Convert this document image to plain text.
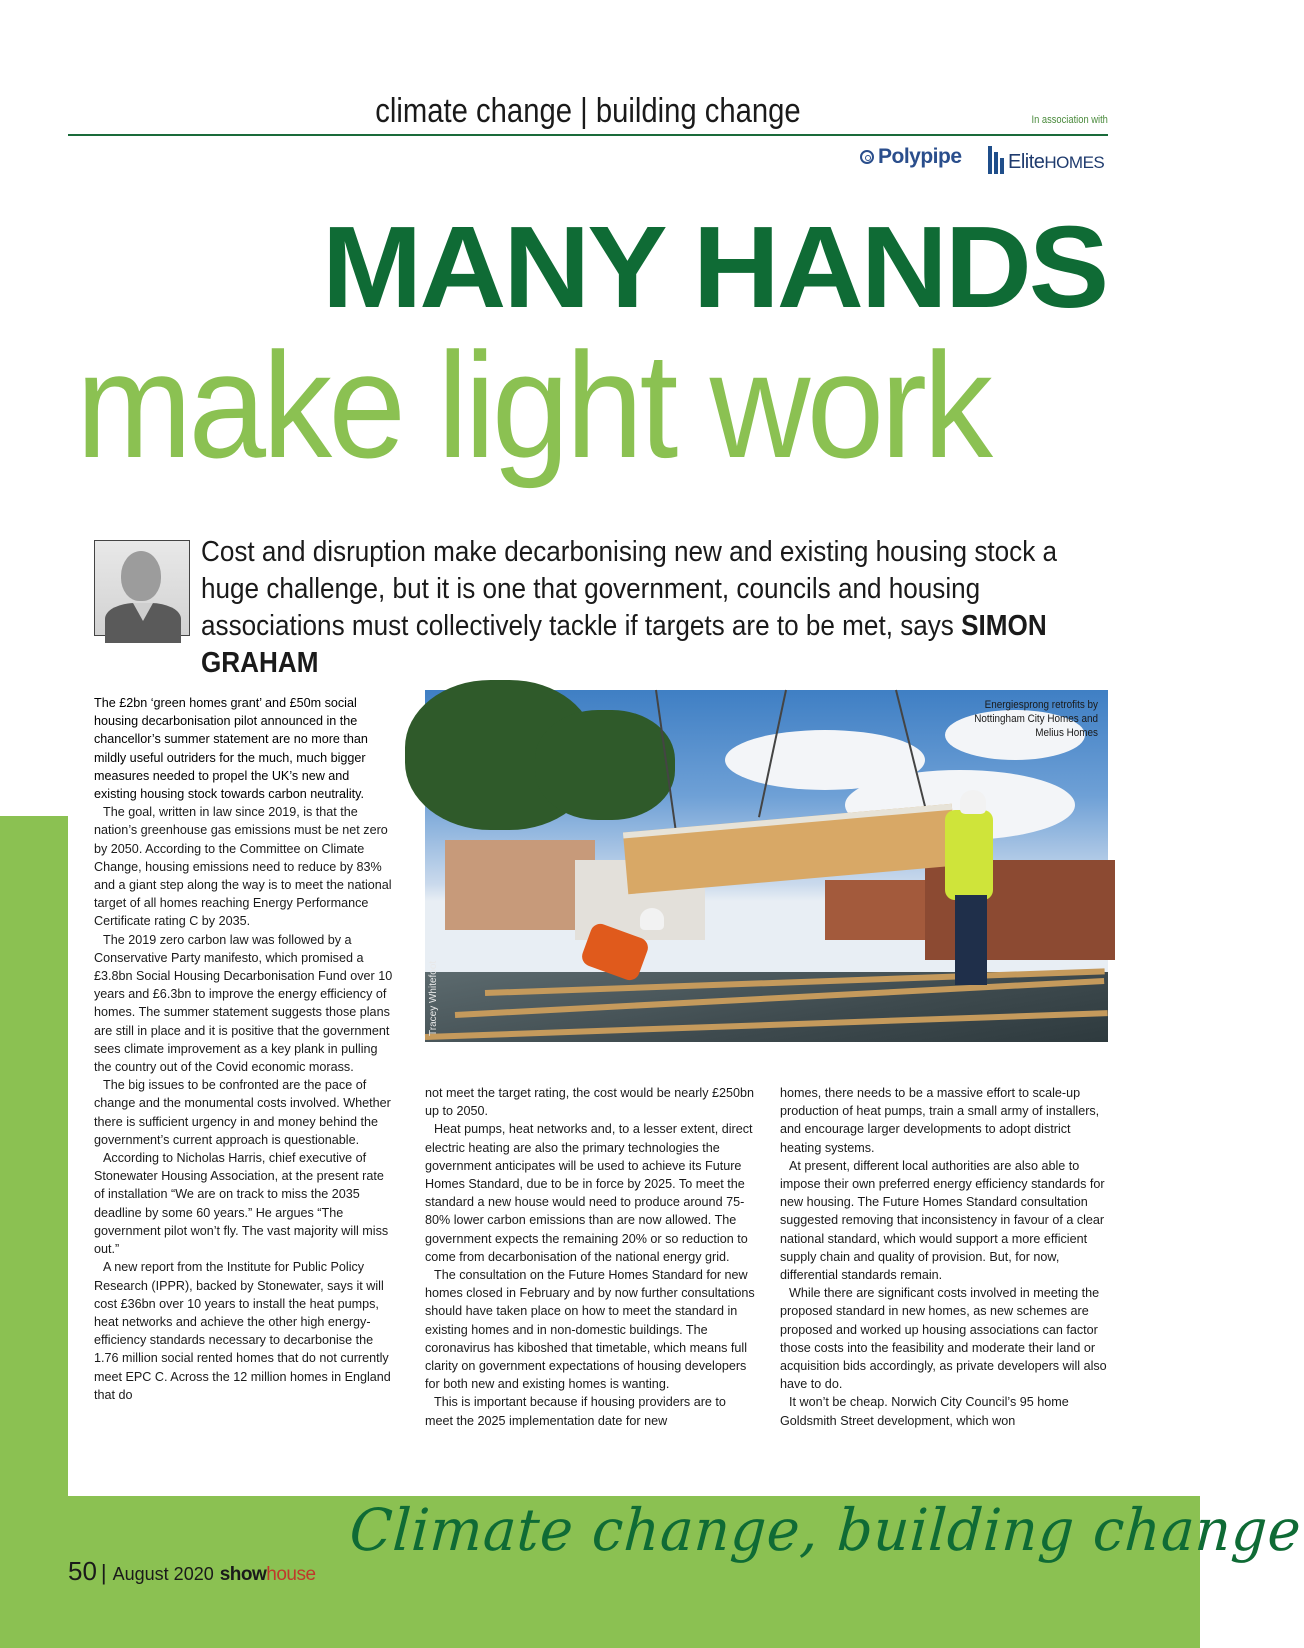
climate change | building change	In association with
Polypipe EliteHOMES
MANY HANDS
make light work
Cost and disruption make decarbonising new and existing housing stock a huge challenge, but it is one that government, councils and housing associations must collectively tackle if targets are to be met, says SIMON GRAHAM
Energiesprong retrofits by Nottingham City Homes and Melius Homes
Tracey Whitefoot

The £2bn ‘green homes grant’ and £50m social housing decarbonisation pilot announced in the chancellor’s summer statement are no more than mildly useful outriders for the much, much bigger measures needed to propel the UK’s new and existing housing stock towards carbon neutrality.

The goal, written in law since 2019, is that the nation’s greenhouse gas emissions must be net zero by 2050. According to the Committee on Climate Change, housing emissions need to reduce by 83% and a giant step along the way is to meet the national target of all homes reaching Energy Performance Certificate rating C by 2035.

The 2019 zero carbon law was followed by a Conservative Party manifesto, which promised a £3.8bn Social Housing Decarbonisation Fund over 10 years and £6.3bn to improve the energy efficiency of homes. The summer statement suggests those plans are still in place and it is positive that the government sees climate improvement as a key plank in pulling the country out of the Covid economic morass.

The big issues to be confronted are the pace of change and the monumental costs involved. Whether there is sufficient urgency in and money behind the government’s current approach is questionable.

According to Nicholas Harris, chief executive of Stonewater Housing Association, at the present rate of installation “We are on track to miss the 2035 deadline by some 60 years.” He argues “The government pilot won’t fly. The vast majority will miss out.”

A new report from the Institute for Public Policy Research (IPPR), backed by Stonewater, says it will cost £36bn over 10 years to install the heat pumps, heat networks and achieve the other high energy-efficiency standards necessary to decarbonise the 1.76 million social rented homes that do not currently meet EPC C. Across the 12 million homes in England that do

not meet the target rating, the cost would be nearly £250bn up to 2050.

Heat pumps, heat networks and, to a lesser extent, direct electric heating are also the primary technologies the government anticipates will be used to achieve its Future Homes Standard, due to be in force by 2025. To meet the standard a new house would need to produce around 75-80% lower carbon emissions than are now allowed. The government expects the remaining 20% or so reduction to come from decarbonisation of the national energy grid.

The consultation on the Future Homes Standard for new homes closed in February and by now further consultations should have taken place on how to meet the standard in existing homes and in non-domestic buildings. The coronavirus has kiboshed that timetable, which means full clarity on government expectations of housing developers for both new and existing homes is wanting.

This is important because if housing providers are to meet the 2025 implementation date for new

homes, there needs to be a massive effort to scale-up production of heat pumps, train a small army of installers, and encourage larger developments to adopt district heating systems.

At present, different local authorities are also able to impose their own preferred energy efficiency standards for new housing. The Future Homes Standard consultation suggested removing that inconsistency in favour of a clear national standard, which would support a more efficient supply chain and quality of provision. But, for now, differential standards remain.

While there are significant costs involved in meeting the proposed standard in new homes, as new schemes are proposed and worked up housing associations can factor those costs into the feasibility and moderate their land or acquisition bids accordingly, as private developers will also have to do.

It won’t be cheap. Norwich City Council’s 95 home Goldsmith Street development, which won

Climate change, building change
50 | August 2020 show house
